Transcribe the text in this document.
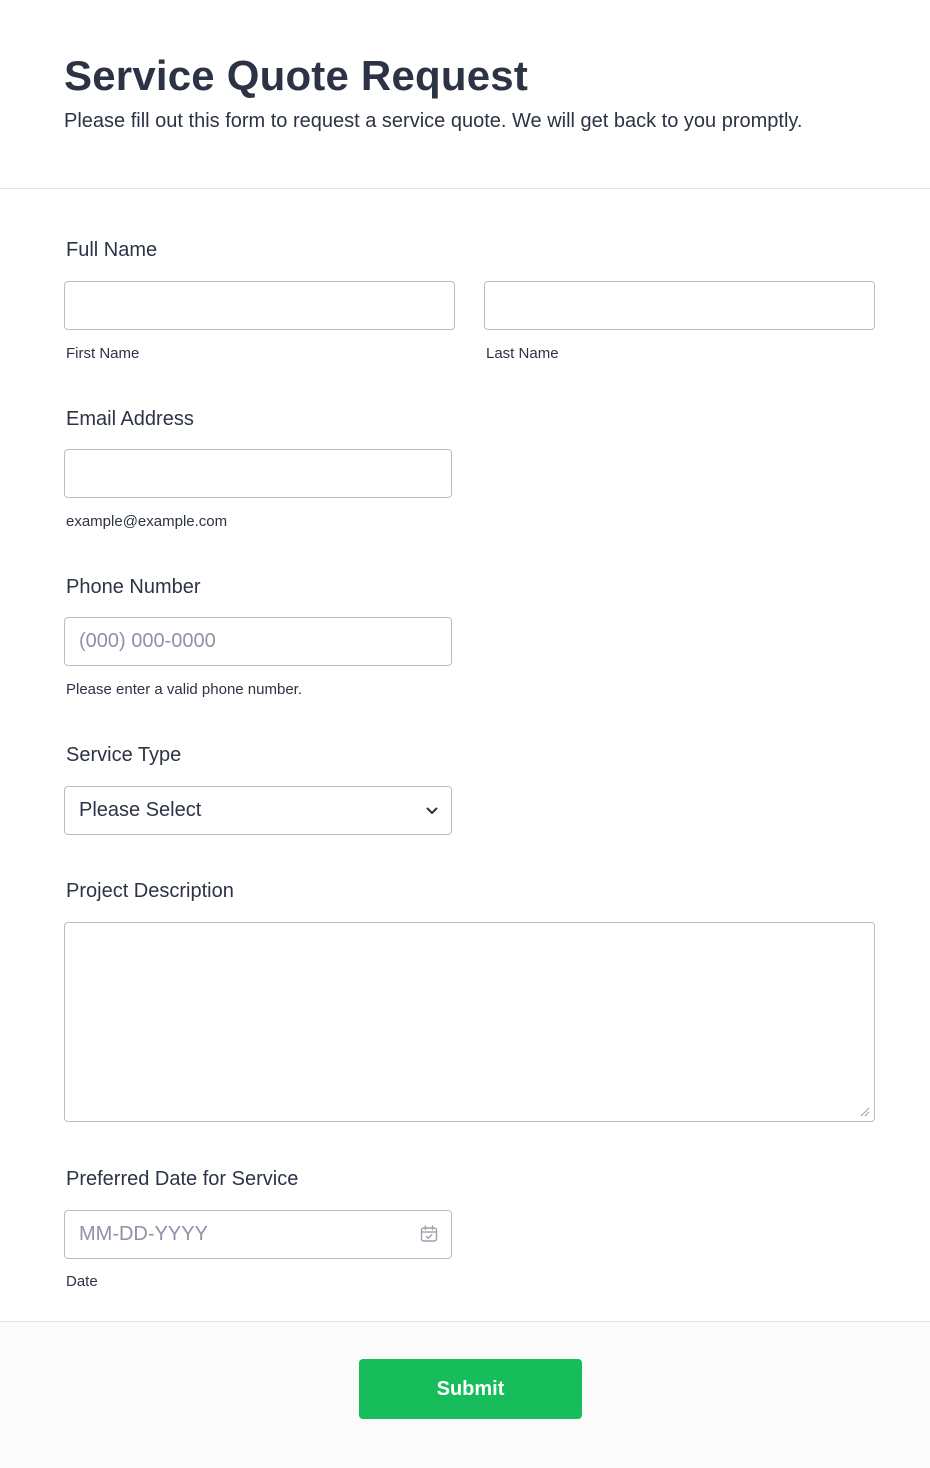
Service Quote Request

Please fill out this form to request a service quote. We will get back to you promptly.

Full Name
First Name	Last Name
Email Address
example@example.com
Phone Number
(000) 000-0000
Please enter a valid phone number.
Service Type
Please Select
Project Description
Preferred Date for Service
MM-DD-YYYY
Date
Submit
